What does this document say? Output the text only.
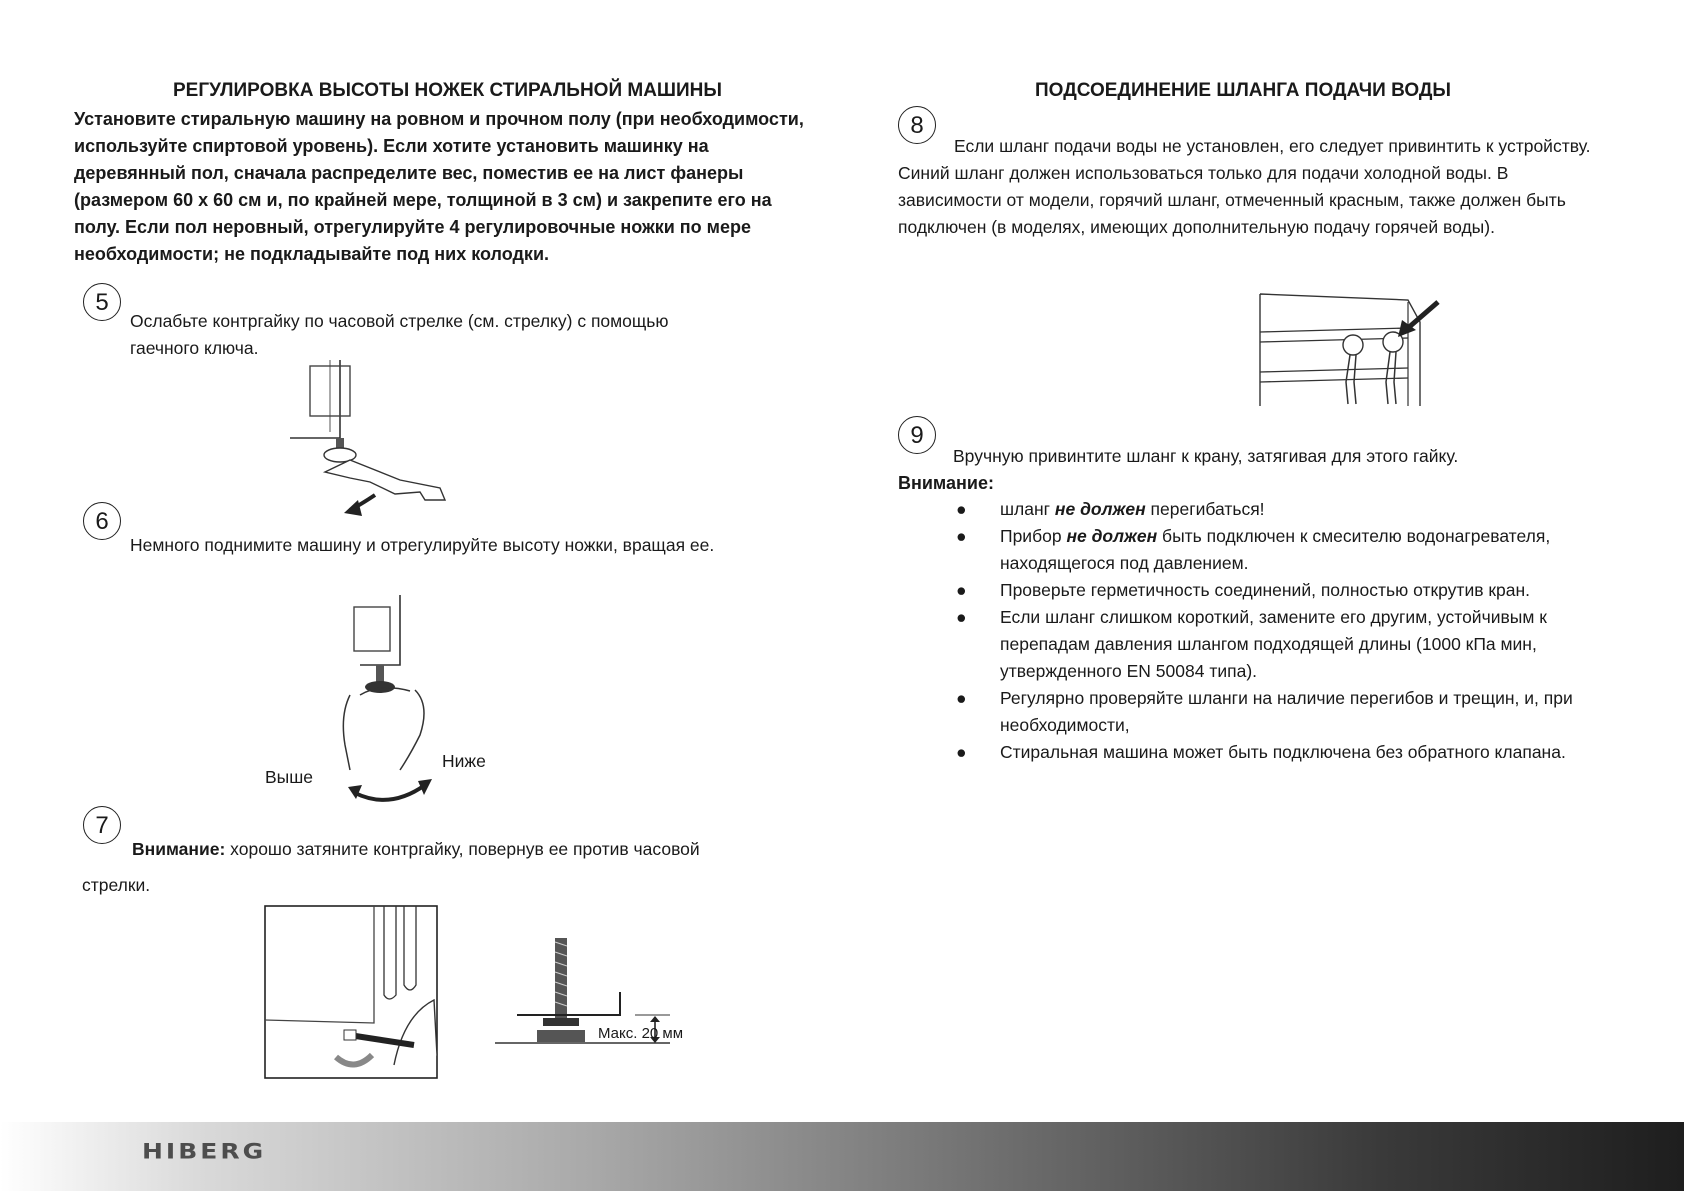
РЕГУЛИРОВКА ВЫСОТЫ НОЖЕК СТИРАЛЬНОЙ МАШИНЫ
Установите стиральную машину на ровном и прочном полу (при необходимости,
используйте спиртовой уровень). Если хотите установить машинку на
деревянный пол, сначала распределите вес, поместив ее на лист фанеры
(размером 60 x 60 см и, по крайней мере, толщиной в 3 см) и закрепите его на
полу. Если пол неровный, отрегулируйте 4 регулировочные ножки по мере
необходимости; не подкладывайте под них колодки.
5
Ослабьте контргайку по часовой стрелке (см. стрелку) с помощью
гаечного ключа.
6
Немного поднимите машину и отрегулируйте высоту ножки, вращая ее.
Выше
Ниже
7
Внимание: хорошо затяните контргайку, повернув ее против часовой
стрелки.
Макс. 20 мм
ПОДСОЕДИНЕНИЕ ШЛАНГА ПОДАЧИ ВОДЫ
8
Если шланг подачи воды не установлен, его следует привинтить к устройству.
Синий шланг должен использоваться только для подачи холодной воды. В
зависимости от модели, горячий шланг, отмеченный красным, также должен быть
подключен (в моделях, имеющих дополнительную подачу горячей воды).
9
Вручную привинтите шланг к крану, затягивая для этого гайку.
Внимание:
● шланг не должен перегибаться!
● Прибор не должен быть подключен к смесителю водонагревателя,
находящегося под давлением.
● Проверьте герметичность соединений, полностью открутив кран.
● Если шланг слишком короткий, замените его другим, устойчивым к
перепадам давления шлангом подходящей длины (1000 кПа мин,
утвержденного EN 50084 типа).
● Регулярно проверяйте шланги на наличие перегибов и трещин, и, при
необходимости,
● Стиральная машина может быть подключена без обратного клапана.
HIBERG
